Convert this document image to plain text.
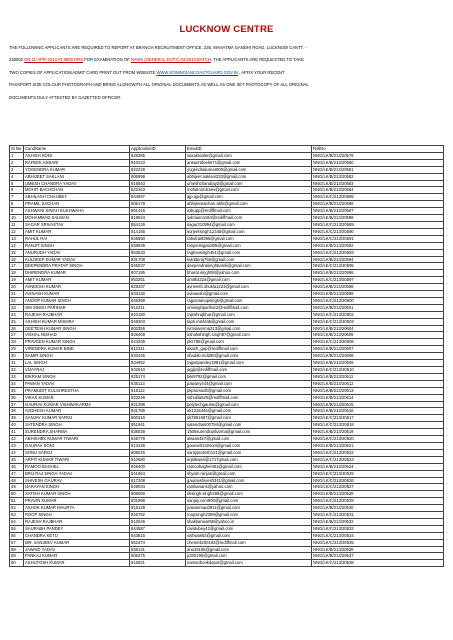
LUCKNOW CENTRE

THE FOLLOWING APPLICANTS ARE REQUIRED TO REPORT AT BRANCH RECRUITMENT OFFICE, 236, MAHATMA GANDHI ROAD, LUCKNOW CANTT. -

226002 ON 11-APR-2013 AT 0800 HRS FOR EXAMINATION OF NAVIK (GENERAL DUTY) 02/2013 BATCH. THE APPLICANTS ARE REQUESTED TO TAKE

TWO COPIES OF APPLICATION/ADMIT CARD PRINT OUT FROM WEBSITE WWW.JOININDIANCOASTGUARD.GOV.IN , AFFIX YOUR RECENT

PASSPORT SIZE COLOUR PHOTOGRAPH AND BRING ALONGWITH ALL ORIGINAL DOCUMENTS AS WELL AS ONE SET PHOTOCOPY OF ALL ORIGINAL

DOCUMENTS DULY ATTESTED BY GAZETTED OFFICER.

Sl No	CandName	ApplicationID	EmailID	RollNo
1	ASHISH SONI	828385	saxaktoaler@gmail.com	NNG/LK/B/213/20579
2	RAFEEK ANSARI	810233	ansarirafeek671@gmail.com	NNG/LK/B/213/20580
3	YOGENDRA KUMAR	822228	yogendrakumar800@gmail.com	NNG/LK/B/213/20581
4	ABHIJEET SAKLANI	806999	abhijeet.saklani333@gmail.com	NNG/LK/B/213/20582
5	UMESH CHANDRA YADAV	816543	umeshchandray2@gmail.com	NNG/LK/B/213/20583
6	MOHIT BACHCHAN	822263	mohitmordcsev@gmail.com	NNG/LK/B/213/20584
7	ABHILASH CHAUBEY	844597	ajp.aju@gmail.com	NNG/LK/C/213/20585
8	PRAMIL SACHAN	805179	abhijeetsachan.abhi@gmail.com	NNG/LK/B/213/20586
9	ASHWANI SINGH KUSHWAHA	851416	askupp@rediffmail.com	NNG/LK/B/213/20587
10	MOHAMMAD SALMAN	818524	salmaan1194@rediffmail.com	NNG/LK/B/213/20588
11	SAGAR SRIVASTAV	854126	sagar210894@gmail.com	NNG/LK/C/213/20589
12	AMIT KUMAR	814166	surjeetsingh12345@gmail.com	NNG/LK/C/213/20590
13	RAHUL RAI	845550	rahulrai8395@gmail.com	NNG/LK/C/213/20591
14	RANJIT SINGH	838935	ranjeetrajpoot05@gmail.com	NNG/LK/B/213/20592
15	ANURUDH YADAV	853533	raghavsingh451@gmail.com	NNG/LK/C/213/20593
16	KULDEEP KUMAR YADAV	831708	kuldderaj755@gmail.com	NNG/LK/B/213/20594
17	DEEPENDRA PRATAP SINGH	845037	deependrasinghbareli@gmail.com	NNG/LK/C/213/20595
18	DHIRENDRA KUMAR	807195	bharat.singh08@yahoo.com	NNG/LK/B/213/20596
19	AMIT KUMAR	853251	amitk4224@gmail.com	NNG/LK/C/213/20597
20	AVNEESH KUMAR	828337	avneesh.shukla1224@gmail.com	NNG/LK/B/213/20598
21	AVINASH KUMAR	833130	aviaavahi@gmail.com	NNG/LK/B/213/20599
22	ANOOP KUMAR SINGH	845369	rajpootanupsingh@gmail.com	NNG/LK/C/213/20600
23	OM SINGH PARIHAR	812211	omsinghparihar2@rediffmail.com	NNG/LK/B/213/20601
24	RAJESH RAJBHAR	843180	rajeshrajbhar@gmail.com	NNG/LK/C/213/20602
25	ASHISH KUMAR MISHRA	848303	tapti.mishra5@gmail.com	NNG/LK/C/213/20603
26	GEETESH KUMAR SINGH	803355	nirmalverma213@gmail.com	NNG/LK/B/213/20604
27	VISHAL NISHAD	826469	ashokshingh.singh97@gmail.com	NNG/LK/B/213/20605
28	PRAVEEN KUMAR SINGH	844205	pks786@gmail.com	NNG/LK/C/213/20606
29	VIRENDRA KUMAR BIND	812311	akash_gup@rediffmail.com	NNG/LK/B/213/20607
30	SAMIR SINGH	833445	shadab.md286@gmail.com	NNG/LK/B/213/20608
31	LAL SINGH	834952	rajputpandey1981@gmail.com	NNG/LK/B/213/20609
32	VIJAYRAJ	832610	jagjip@rediffmail.com	NNG/LK/C/213/20610
33	BIKRAM SINGH	825174	biki9792@gmail.com	NNG/LK/B/213/20611
34	PAWAN YADAV	835113	pawany444@gmail.com	NNG/LK/B/213/20612
35	PRAMUDIT KULSHRESTHA	816112	pkpramudit@gmail.com	NNG/LK/B/213/20613
36	VIKAS KUMAR	822246	sshukla520@rediffmail.com	NNG/LK/B/213/20614
37	GAURAV KUMAR VISHWAKARMA	821288	pelytechgaurav@gmail.com	NNG/LK/B/213/20615
38	AVDHESH KUMAR	831789	ak1234444@gmail.com	NNG/LK/B/213/20616
39	SANJAY KUMAR SAROJ	850316	sk7861967@gmail.com	NNG/LK/C/213/20617
40	SATENDRA SINGH	851941	satendrasi00794@gmail.com	NNG/LK/C/213/20618
41	SURENDRA SHARMA	838039	1506surendrasharma@gmail.com	NNG/LK/B/213/20619
42	ABHISHEK KUMAR TIWARI	845779	atiwari457@gmail.com	NNG/LK/C/213/20620
43	GAURAV SONI	813228	gaurav0132soni@gmail.com	NNG/LK/B/213/20621
44	SONU SAROJ	805015	sarojsantosh121@gmail.com	NNG/LK/C/213/20622
45	ARPIT KUMAR TIWARI	810580	arpittiwari@1717gmail.com	NNG/LK/C/213/20623
46	RAMOO BAGHEL	848400	ramoobaghel481@gmail.com	NNG/LK/B/213/20524
47	BRIJ RAJ SINGH YADAV	841964	shyam.ranjan@gmail.com	NNG/LK/C/213/20525
48	SHIVESH GAURAV	817208	gauravshivesh341@gmail.com	NNG/LK/C/213/20526
49	NARAYAN SINGH	849034	ramkanans@yahoo.com	NNG/LK/C/213/20527
50	SATISH KUMAR SINGH	808069	sksingh.singh285@gmail.com	NNG/LK/B/213/20528
51	PRAVIN KUMAR	831998	sanjay.com900@gmail.com	NNG/LK/C/213/20529
52	ASHOK KUMAR MAURYA	815129	pawanmau0911@gmail.com	NNG/LK/B/213/20530
53	ROOP SINGH	846782	roopsingh2299@gmail.com	NNG/LK/C/213/20531
54	RAJESH RAJBHAR	812546	shaktianwar55@yahoo.in	NNG/LK/B/213/20532
55	SAURABH PANDEY	844587	ravidubey42@gmail.com	NNG/LK/C/213/20533
56	CHANDRA KETU	843815	vishwas62@gmail.com	NNG/LK/C/213/20534
57	MR. SANJEEV KUMAR	852474	chemeli200192@rediffmail.com	NNG/LK/C/213/20535
58	JAWAID YADAV	838131	anu15195@gmail.com	NNG/LK/B/213/20536
59	PANKAJ KUMAR	805375	p200195@gmail.com	NNG/LK/B/213/20537
60	ASHUTOSH KUMAR	816921	namanbookdepot@gmail.com	NNG/LK/C/213/20538
